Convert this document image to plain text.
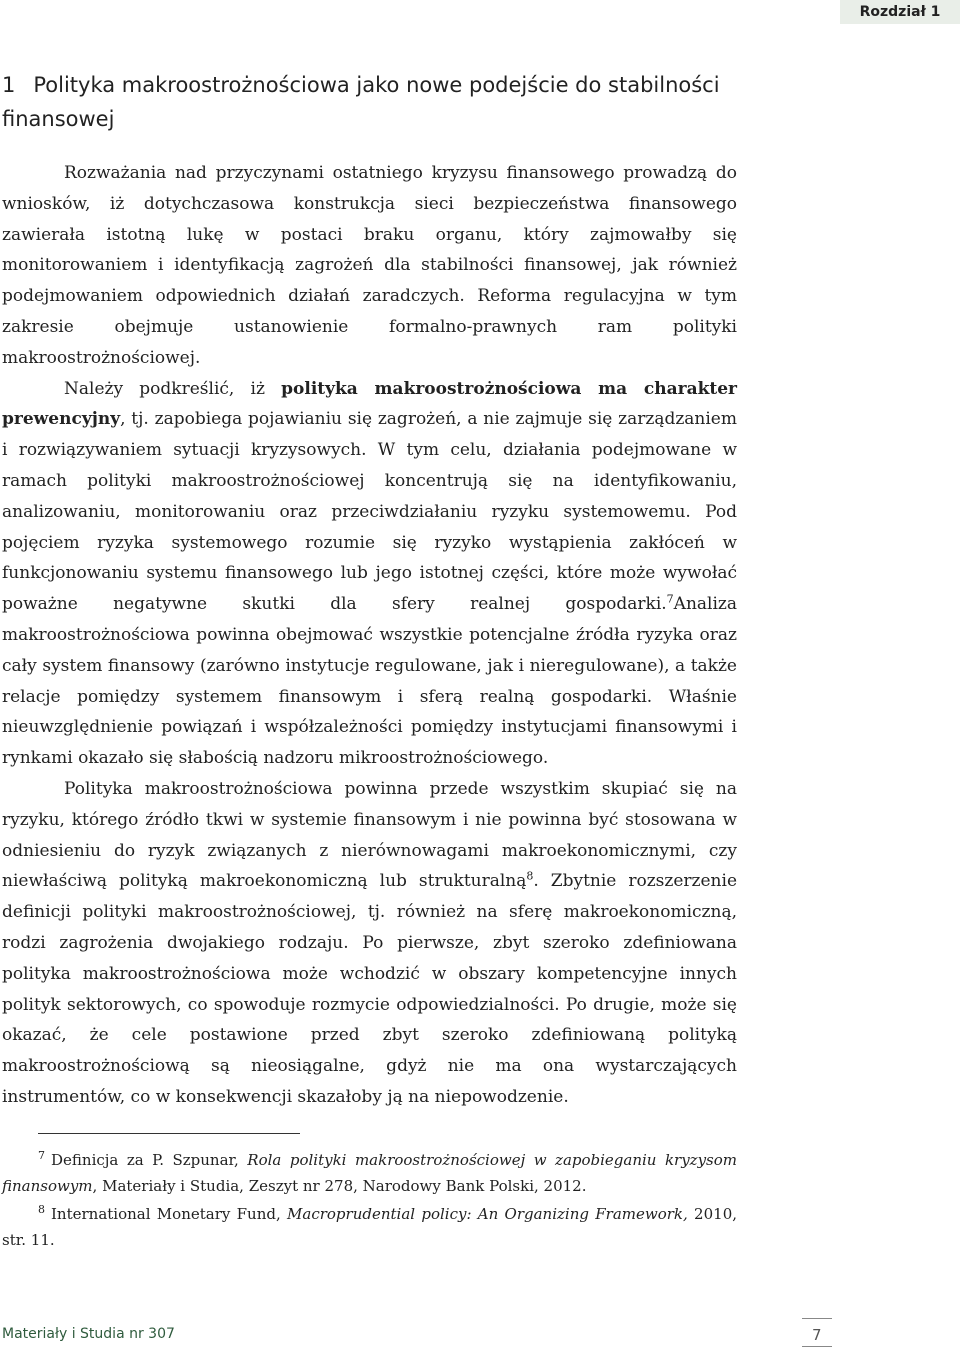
Rozdział 1
1 Polityka makroostrożnościowa jako nowe podejście do stabilności finansowej

Rozważania nad przyczynami ostatniego kryzysu finansowego prowadzą do wniosków, iż dotychczasowa konstrukcja sieci bezpieczeństwa finansowego zawierała istotną lukę w postaci braku organu, który zajmowałby się monitorowaniem i identyfikacją zagrożeń dla stabilności finansowej, jak również podejmowaniem odpowiednich działań zaradczych. Reforma regulacyjna w tym zakresie obejmuje ustanowienie formalno-prawnych ram polityki makroostrożnościowej.

Należy podkreślić, iż polityka makroostrożnościowa ma charakter prewencyjny, tj. zapobiega pojawianiu się zagrożeń, a nie zajmuje się zarządzaniem i rozwiązywaniem sytuacji kryzysowych. W tym celu, działania podejmowane w ramach polityki makroostrożnościowej koncentrują się na identyfikowaniu, analizowaniu, monitorowaniu oraz przeciwdziałaniu ryzyku systemowemu. Pod pojęciem ryzyka systemowego rozumie się ryzyko wystąpienia zakłóceń w funkcjonowaniu systemu finansowego lub jego istotnej części, które może wywołać poważne negatywne skutki dla sfery realnej gospodarki.$^7$Analiza makroostrożnościowa powinna obejmować wszystkie potencjalne źródła ryzyka oraz cały system finansowy (zarówno instytucje regulowane, jak i nieregulowane), a także relacje pomiędzy systemem finansowym i sferą realną gospodarki. Właśnie nieuwzględnienie powiązań i współzależności pomiędzy instytucjami finansowymi i rynkami okazało się słabością nadzoru mikroostrożnościowego.

Polityka makroostrożnościowa powinna przede wszystkim skupiać się na ryzyku, którego źródło tkwi w systemie finansowym i nie powinna być stosowana w odniesieniu do ryzyk związanych z nierównowagami makroekonomicznymi, czy niewłaściwą polityką makroekonomiczną lub strukturalną$^8$. Zbytnie rozszerzenie definicji polityki makroostrożnościowej, tj. również na sferę makroekonomiczną, rodzi zagrożenia dwojakiego rodzaju. Po pierwsze, zbyt szeroko zdefiniowana polityka makroostrożnościowa może wchodzić w obszary kompetencyjne innych polityk sektorowych, co spowoduje rozmycie odpowiedzialności. Po drugie, może się okazać, że cele postawione przed zbyt szeroko zdefiniowaną polityką makroostrożnościową są nieosiągalne, gdyż nie ma ona wystarczających instrumentów, co w konsekwencji skazałoby ją na niepowodzenie.

$^7$ Definicja za P. Szpunar, Rola polityki makroostrożnościowej w zapobieganiu kryzysom finansowym, Materiały i Studia, Zeszyt nr 278, Narodowy Bank Polski, 2012.

$^8$ International Monetary Fund, Macroprudential policy: An Organizing Framework, 2010, str. 11.

Materiały i Studia nr 307	7
